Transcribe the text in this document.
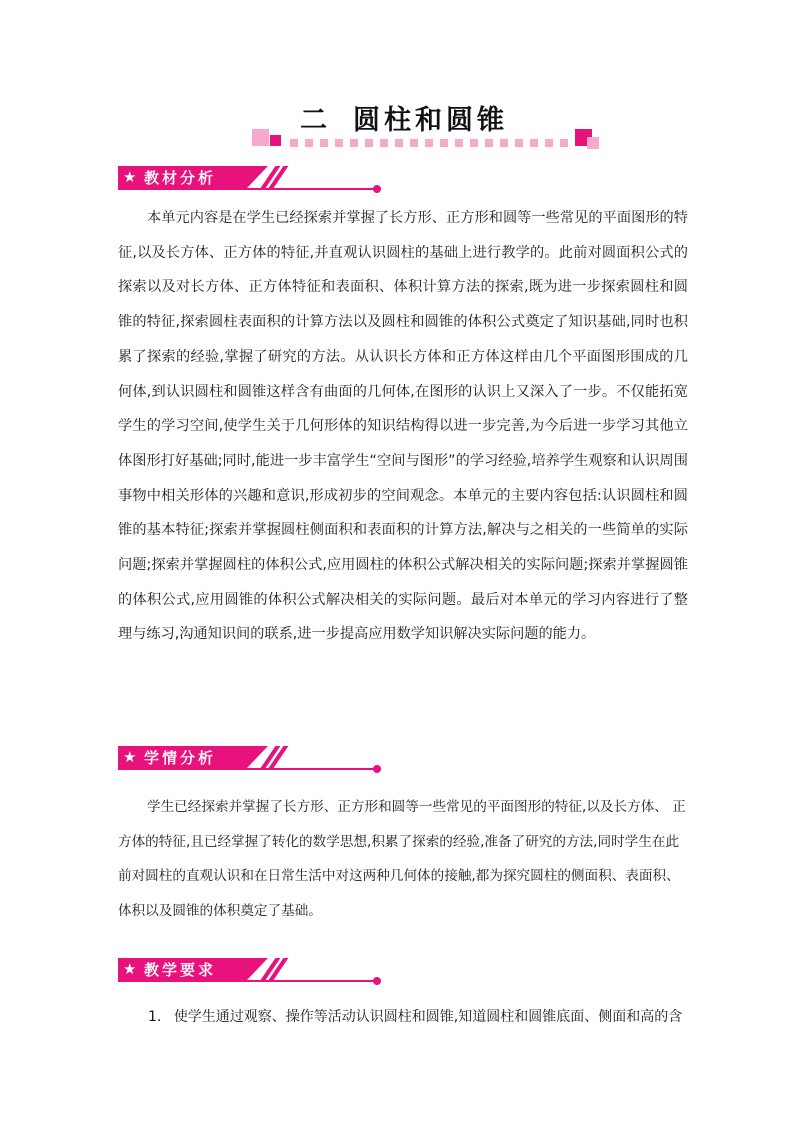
二 圆柱和圆锥
★ 教材分析

本单元内容是在学生已经探索并掌握了长方形、正方形和圆等一些常见的平面图形的特征,以及长方体、正方体的特征,并直观认识圆柱的基础上进行教学的。此前对圆面积公式的探索以及对长方体、正方体特征和表面积、体积计算方法的探索,既为进一步探索圆柱和圆锥的特征,探索圆柱表面积的计算方法以及圆柱和圆锥的体积公式奠定了知识基础,同时也积累了探索的经验,掌握了研究的方法。从认识长方体和正方体这样由几个平面图形围成的几何体,到认识圆柱和圆锥这样含有曲面的几何体,在图形的认识上又深入了一步。不仅能拓宽学生的学习空间,使学生关于几何形体的知识结构得以进一步完善,为今后进一步学习其他立体图形打好基础;同时,能进一步丰富学生“空间与图形”的学习经验,培养学生观察和认识周围事物中相关形体的兴趣和意识,形成初步的空间观念。本单元的主要内容包括:认识圆柱和圆锥的基本特征;探索并掌握圆柱侧面积和表面积的计算方法,解决与之相关的一些简单的实际问题;探索并掌握圆柱的体积公式,应用圆柱的体积公式解决相关的实际问题;探索并掌握圆锥的体积公式,应用圆锥的体积公式解决相关的实际问题。最后对本单元的学习内容进行了整理与练习,沟通知识间的联系,进一步提高应用数学知识解决实际问题的能力。

★ 学情分析

学生已经探索并掌握了长方形、正方形和圆等一些常见的平面图形的特征,以及长方体、 正方体的特征,且已经掌握了转化的数学思想,积累了探索的经验,准备了研究的方法,同时学生在此前对圆柱的直观认识和在日常生活中对这两种几何体的接触,都为探究圆柱的侧面积、表面积、体积以及圆锥的体积奠定了基础。

★ 教学要求
1. 使学生通过观察、操作等活动认识圆柱和圆锥,知道圆柱和圆锥底面、侧面和高的含
